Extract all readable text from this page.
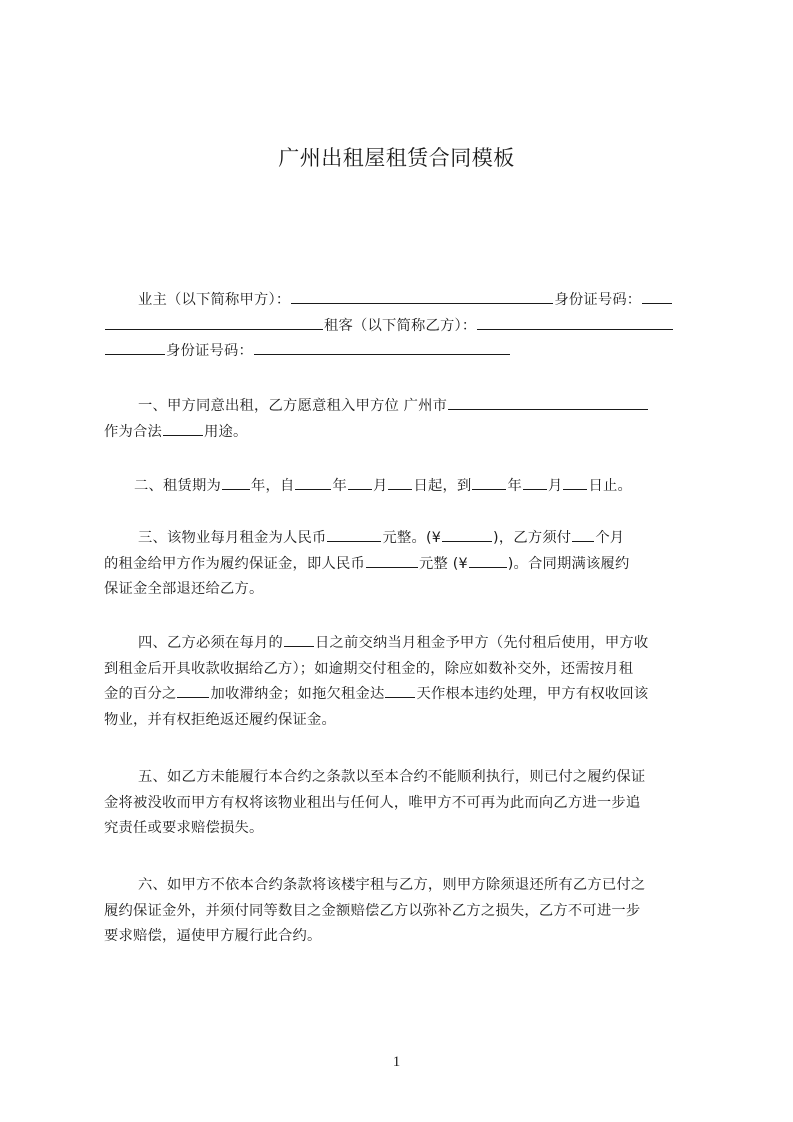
广州出租屋租赁合同模板
业主（以下简称甲方）：	身份证号码：
租客（以下简称乙方）：
身份证号码：
一、甲方同意出租，乙方愿意租入甲方位 广州市
作为合法	用途。
二、租赁期为 年，自	年 月 日起，到	年 月 日止。
三、该物业每月租金为人民币	元整。(¥	)，乙方须付 个月
的租金给甲方作为履约保证金，即人民币	元整 (¥	)。合同期满该履约
保证金全部退还给乙方。
四、乙方必须在每月的 日之前交纳当月租金予甲方（先付租后使用，甲方收
到租金后开具收款收据给乙方）；如逾期交付租金的，除应如数补交外，还需按月租
金的百分之 加收滞纳金；如拖欠租金达 天作根本违约处理，甲方有权收回该
物业，并有权拒绝返还履约保证金。
五、如乙方未能履行本合约之条款以至本合约不能顺利执行，则已付之履约保证
金将被没收而甲方有权将该物业租出与任何人，唯甲方不可再为此而向乙方进一步追
究责任或要求赔偿损失。
六、如甲方不依本合约条款将该楼宇租与乙方，则甲方除须退还所有乙方已付之
履约保证金外，并须付同等数目之金额赔偿乙方以弥补乙方之损失，乙方不可进一步
要求赔偿，逼使甲方履行此合约。
1
